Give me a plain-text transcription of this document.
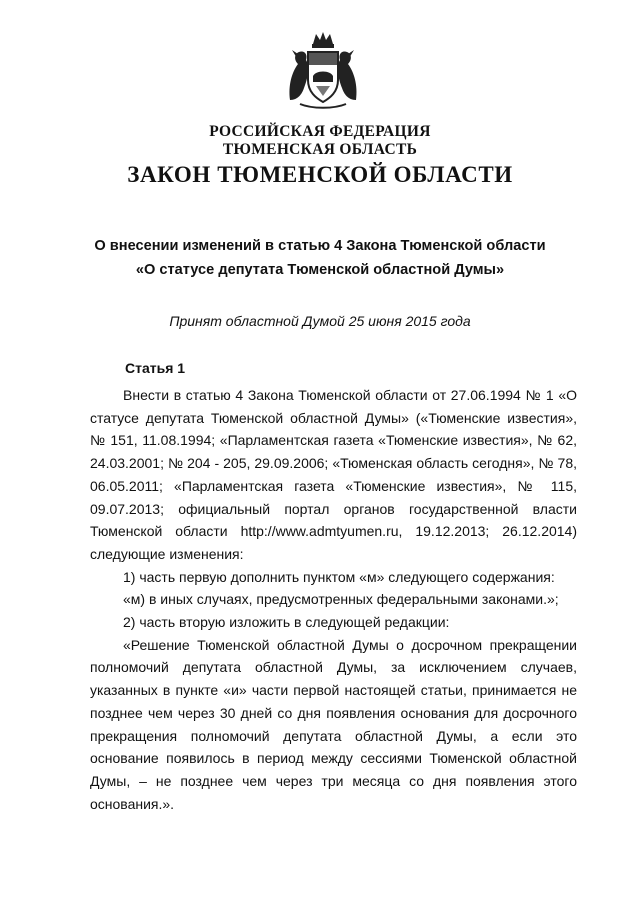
РОССИЙСКАЯ ФЕДЕРАЦИЯ
ТЮМЕНСКАЯ ОБЛАСТЬ
ЗАКОН ТЮМЕНСКОЙ ОБЛАСТИ
О внесении изменений в статью 4 Закона Тюменской области
«О статусе депутата Тюменской областной Думы»
Принят областной Думой 25 июня 2015 года
Статья 1

Внести в статью 4 Закона Тюменской области от 27.06.1994 № 1 «О статусе депутата Тюменской областной Думы» («Тюменские известия», № 151, 11.08.1994; «Парламентская газета «Тюменские известия», № 62, 24.03.2001; № 204 - 205, 29.09.2006; «Тюменская область сегодня», № 78, 06.05.2011; «Парламентская газета «Тюменские известия», № 115, 09.07.2013; официальный портал органов государственной власти Тюменской области http://www.admtyumen.ru, 19.12.2013; 26.12.2014) следующие изменения:

1) часть первую дополнить пунктом «м» следующего содержания:

«м) в иных случаях, предусмотренных федеральными законами.»;

2) часть вторую изложить в следующей редакции:

«Решение Тюменской областной Думы о досрочном прекращении полномочий депутата областной Думы, за исключением случаев, указанных в пункте «и» части первой настоящей статьи, принимается не позднее чем через 30 дней со дня появления основания для досрочного прекращения полномочий депутата областной Думы, а если это основание появилось в период между сессиями Тюменской областной Думы, – не позднее чем через три месяца со дня появления этого основания.».
